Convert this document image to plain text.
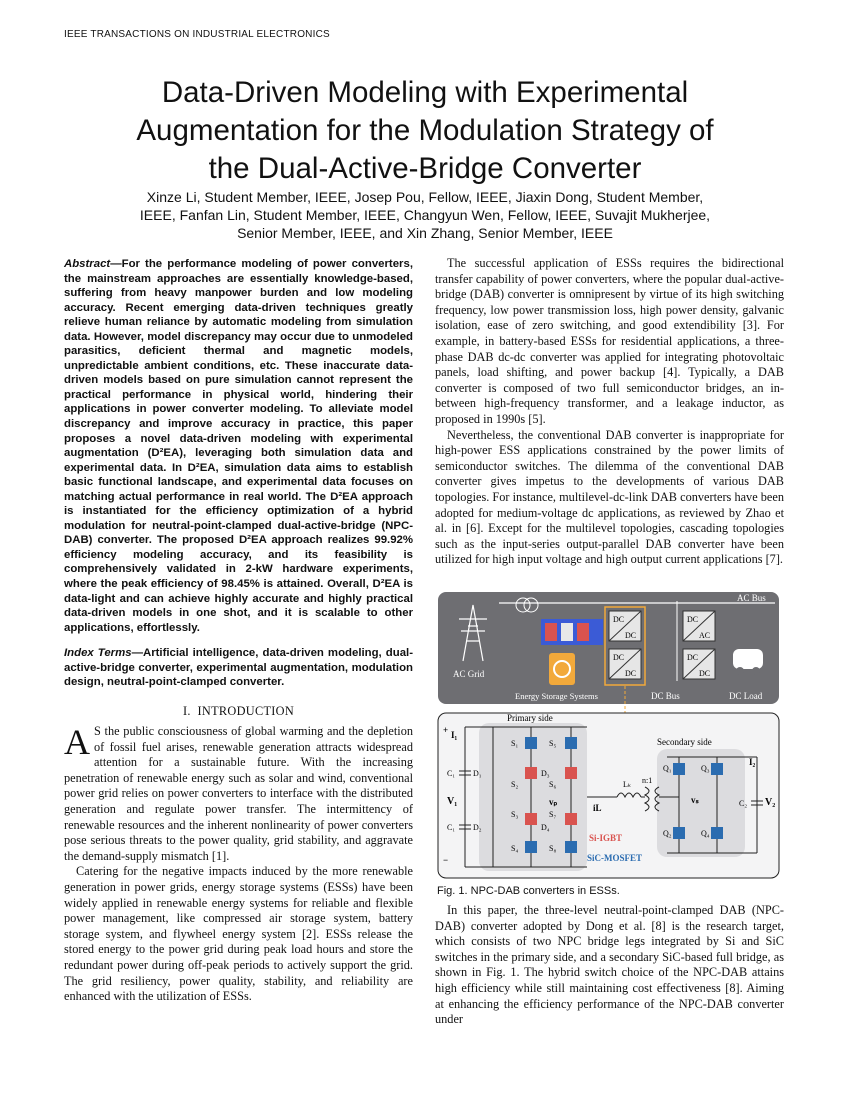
IEEE TRANSACTIONS ON INDUSTRIAL ELECTRONICS
Data-Driven Modeling with Experimental
Augmentation for the Modulation Strategy of
the Dual-Active-Bridge Converter
Xinze Li, Student Member, IEEE, Josep Pou, Fellow, IEEE, Jiaxin Dong, Student Member,
IEEE, Fanfan Lin, Student Member, IEEE, Changyun Wen, Fellow, IEEE, Suvajit Mukherjee,
Senior Member, IEEE, and Xin Zhang, Senior Member, IEEE
Abstract—For the performance modeling of power converters, the mainstream approaches are essentially knowledge-based, suffering from heavy manpower burden and low modeling accuracy. Recent emerging data-driven techniques greatly relieve human reliance by automatic modeling from simulation data. However, model discrepancy may occur due to unmodeled parasitics, deficient thermal and magnetic models, unpredictable ambient conditions, etc. These inaccurate data-driven models based on pure simulation cannot represent the practical performance in physical world, hindering their applications in power converter modeling. To alleviate model discrepancy and improve accuracy in practice, this paper proposes a novel data-driven modeling with experimental augmentation (D²EA), leveraging both simulation data and experimental data. In D²EA, simulation data aims to establish basic functional landscape, and experimental data focuses on matching actual performance in real world. The D²EA approach is instantiated for the efficiency optimization of a hybrid modulation for neutral-point-clamped dual-active-bridge (NPC-DAB) converter. The proposed D²EA approach realizes 99.92% efficiency modeling accuracy, and its feasibility is comprehensively validated in 2-kW hardware experiments, where the peak efficiency of 98.45% is attained. Overall, D²EA is data-light and can achieve highly accurate and highly practical data-driven models in one shot, and it is scalable to other applications, effortlessly.
Index Terms—Artificial intelligence, data-driven modeling, dual-active-bridge converter, experimental augmentation, modulation design, neutral-point-clamped converter.
I. INTRODUCTION

A S the public consciousness of global warming and the depletion of fossil fuel arises, renewable generation attracts widespread attention for a sustainable future. With the increasing penetration of renewable energy such as solar and wind, conventional power grid relies on power converters to interface with the distributed generation and regulate power transfer. The intermittency of renewable resources and the inherent nonlinearity of power converters pose serious threats to the power quality, grid stability, and aggravate the demand-supply mismatch [1].

Catering for the negative impacts induced by the more renewable generation in power grids, energy storage systems (ESSs) have been widely applied in renewable energy systems for reliable and flexible power management, like compressed air storage system, battery storage system, and flywheel energy system [2]. ESSs release the stored energy to the power grid during peak load hours and store the redundant power during off-peak periods to actively support the grid. The grid resiliency, power quality, stability, and reliability are enhanced with the utilization of ESSs.

The successful application of ESSs requires the bidirectional transfer capability of power converters, where the popular dual-active-bridge (DAB) converter is omnipresent by virtue of its high switching frequency, low power transmission loss, high power density, galvanic isolation, ease of zero switching, and good extendibility [3]. For example, in battery-based ESSs for residential applications, a three-phase DAB dc-dc converter was applied for integrating photovoltaic panels, load shifting, and power backup [4]. Typically, a DAB converter is composed of two full semiconductor bridges, an in-between high-frequency transformer, and a leakage inductor, as proposed in 1990s [5].

Nevertheless, the conventional DAB converter is inappropriate for high-power ESS applications constrained by the power limits of semiconductor switches. The dilemma of the conventional DAB converter gives impetus to the developments of various DAB topologies. For instance, multilevel-dc-link DAB converters have been adopted for medium-voltage dc applications, as reviewed by Zhao et al. in [6]. Except for the multilevel topologies, cascading topologies such as the input-series output-parallel DAB converter have been utilized for high input voltage and high output current applications [7].

AC Bus
AC Grid
Energy Storage Systems
DC
DC
DC
DC
DC
AC
DC
DC
DC Bus	DC Load
Primary side
Secondary side
+ I₁
V₁
−
C₁
C₁
D₁
D₂
D₃
D₄
S₁
S₂
S₃
S₄
S₅
S₆
S₇
S₈
vₚ
iL
Lₖ n:1
vₛ
Q₁	Q₃
Q₂	Q₄
C₂
I₂
V₂
Si-IGBT
SiC-MOSFET
Fig. 1. NPC-DAB converters in ESSs.

In this paper, the three-level neutral-point-clamped DAB (NPC-DAB) converter adopted by Dong et al. [8] is the research target, which consists of two NPC bridge legs integrated by Si and SiC switches in the primary side, and a secondary SiC-based full bridge, as shown in Fig. 1. The hybrid switch choice of the NPC-DAB attains high efficiency while still maintaining cost effectiveness [8]. Aiming at enhancing the efficiency performance of the NPC-DAB converter under
